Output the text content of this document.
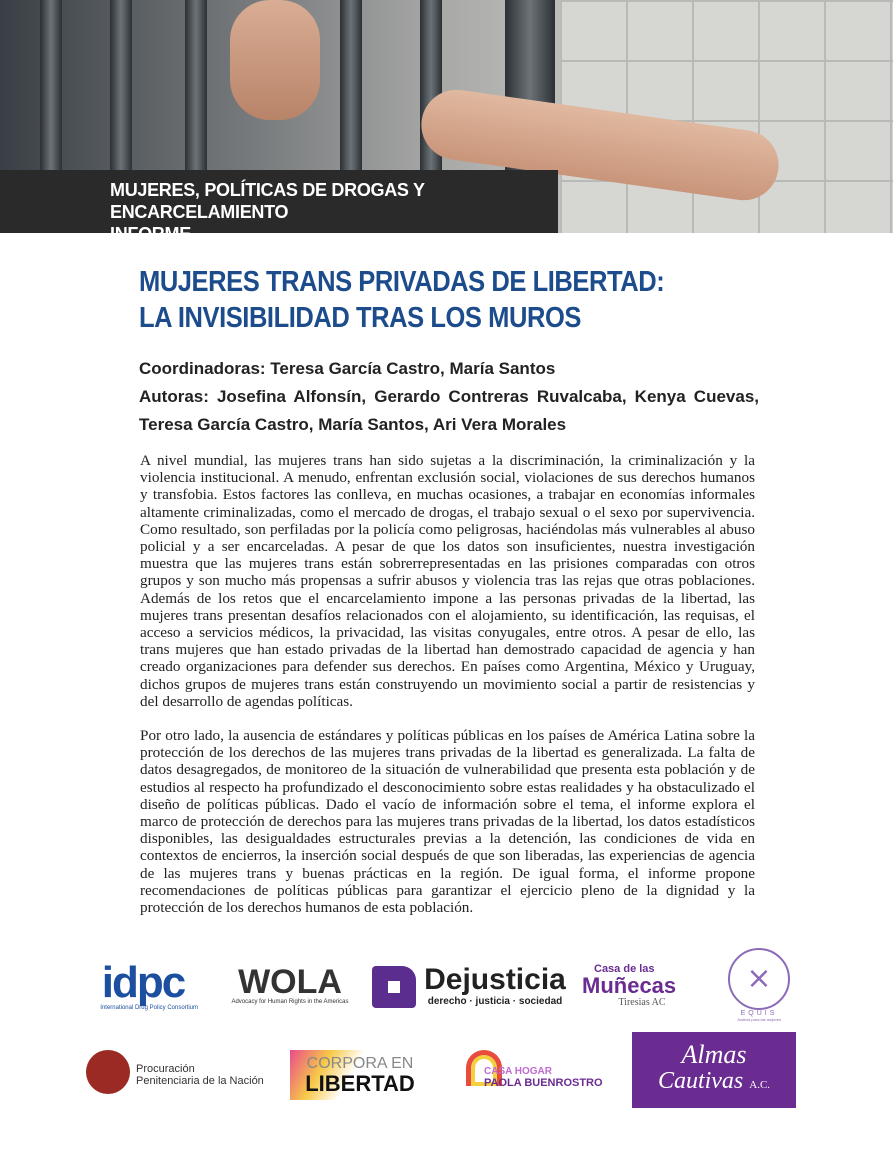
MUJERES, POLÍTICAS DE DROGAS Y ENCARCELAMIENTO
INFORME
MUJERES TRANS PRIVADAS DE LIBERTAD:
LA INVISIBILIDAD TRAS LOS MUROS
Coordinadoras: Teresa García Castro, María Santos
Autoras: Josefina Alfonsín, Gerardo Contreras Ruvalcaba, Kenya Cuevas, Teresa García Castro, María Santos, Ari Vera Morales

A nivel mundial, las mujeres trans han sido sujetas a la discriminación, la criminalización y la violencia institucional. A menudo, enfrentan exclusión social, violaciones de sus derechos humanos y transfobia. Estos factores las conlleva, en muchas ocasiones, a trabajar en economías informales altamente criminalizadas, como el mercado de drogas, el trabajo sexual o el sexo por supervivencia. Como resultado, son perfiladas por la policía como peligrosas, haciéndolas más vulnerables al abuso policial y a ser encarceladas. A pesar de que los datos son insuficientes, nuestra investigación muestra que las mujeres trans están sobrerrepresentadas en las prisiones comparadas con otros grupos y son mucho más propensas a sufrir abusos y violencia tras las rejas que otras poblaciones. Además de los retos que el encarcelamiento impone a las personas privadas de la libertad, las mujeres trans presentan desafíos relacionados con el alojamiento, su identificación, las requisas, el acceso a servicios médicos, la privacidad, las visitas conyugales, entre otros. A pesar de ello, las trans mujeres que han estado privadas de la libertad han demostrado capacidad de agencia y han creado organizaciones para defender sus derechos. En países como Argentina, México y Uruguay, dichos grupos de mujeres trans están construyendo un movimiento social a partir de resistencias y del desarrollo de agendas políticas.

Por otro lado, la ausencia de estándares y políticas públicas en los países de América Latina sobre la protección de los derechos de las mujeres trans privadas de la libertad es generalizada. La falta de datos desagregados, de monitoreo de la situación de vulnerabilidad que presenta esta población y de estudios al respecto ha profundizado el desconocimiento sobre estas realidades y ha obstaculizado el diseño de políticas públicas. Dado el vacío de información sobre el tema, el informe explora el marco de protección de derechos para las mujeres trans privadas de la libertad, los datos estadísticos disponibles, las desigualdades estructurales previas a la detención, las condiciones de vida en contextos de encierros, la inserción social después de que son liberadas, las experiencias de agencia de las mujeres trans y buenas prácticas en la región. De igual forma, el informe propone recomendaciones de políticas públicas para garantizar el ejercicio pleno de la dignidad y la protección de los derechos humanos de esta población.

idpc
International Drug Policy Consortium
WOLA
Advocacy for Human Rights in the Americas
Dejusticia
derecho · justicia · sociedad
Casa de las
Muñecas
Tiresias AC
⨯
EQUIS
Justicia para las mujeres
Procuración
Penitenciaria de la Nación
CORPORA EN
LIBERTAD	CASA HOGAR
PAOLA BUENROSTRO
Almas
Cautivas A.C.
